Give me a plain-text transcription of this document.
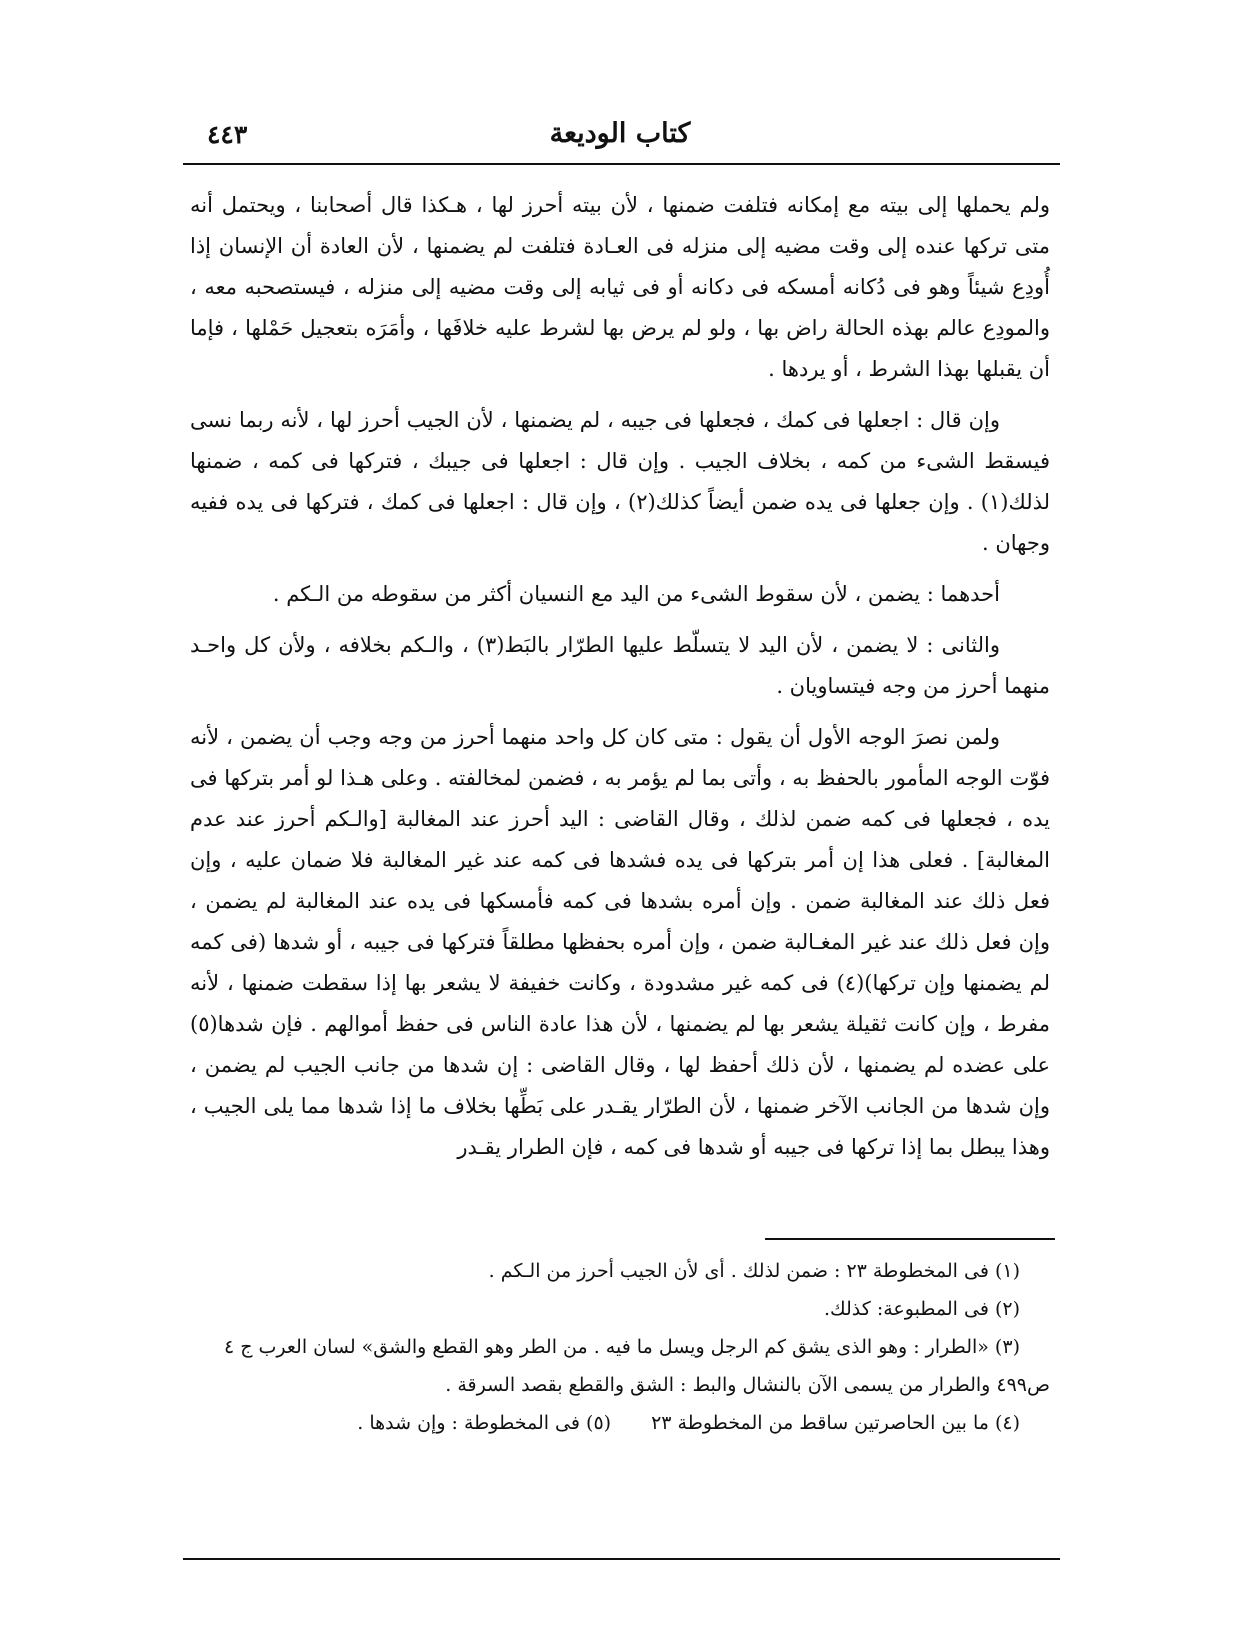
كتاب الوديعة
٤٤٣

ولم يحملها إلى بيته مع إمكانه فتلفت ضمنها ، لأن بيته أحرز لها ، هـكذا قال أصحابنا ، ويحتمل أنه متى تركها عنده إلى وقت مضيه إلى منزله فى العـادة فتلفت لم يضمنها ، لأن العادة أن الإنسان إذا أُودِع شيئاً وهو فى دُكانه أمسكه فى دكانه أو فى ثيابه إلى وقت مضيه إلى منزله ، فيستصحبه معه ، والمودِع عالم بهذه الحالة راض بها ، ولو لم يرض بها لشرط عليه خلافَها ، وأمَرَه بتعجيل حَمْلها ، فإما أن يقبلها بهذا الشرط ، أو يردها .

وإن قال : اجعلها فى كمك ، فجعلها فى جيبه ، لم يضمنها ، لأن الجيب أحرز لها ، لأنه ربما نسى فيسقط الشىء من كمه ، بخلاف الجيب . وإن قال : اجعلها فى جيبك ، فتركها فى كمه ، ضمنها لذلك(١) . وإن جعلها فى يده ضمن أيضاً كذلك(٢) ، وإن قال : اجعلها فى كمك ، فتركها فى يده ففيه وجهان .

أحدهما : يضمن ، لأن سقوط الشىء من اليد مع النسيان أكثر من سقوطه من الـكم .

والثانى : لا يضمن ، لأن اليد لا يتسلّط عليها الطرّار بالبَط(٣) ، والـكم بخلافه ، ولأن كل واحـد منهما أحرز من وجه فيتساويان .

ولمن نصرَ الوجه الأول أن يقول : متى كان كل واحد منهما أحرز من وجه وجب أن يضمن ، لأنه فوّت الوجه المأمور بالحفظ به ، وأتى بما لم يؤمر به ، فضمن لمخالفته . وعلى هـذا لو أمر بتركها فى يده ، فجعلها فى كمه ضمن لذلك ، وقال القاضى : اليد أحرز عند المغالبة [والـكم أحرز عند عدم المغالبة] . فعلى هذا إن أمر بتركها فى يده فشدها فى كمه عند غير المغالبة فلا ضمان عليه ، وإن فعل ذلك عند المغالبة ضمن . وإن أمره بشدها فى كمه فأمسكها فى يده عند المغالبة لم يضمن ، وإن فعل ذلك عند غير المغـالبة ضمن ، وإن أمره بحفظها مطلقاً فتركها فى جيبه ، أو شدها (فى كمه لم يضمنها وإن تركها)(٤) فى كمه غير مشدودة ، وكانت خفيفة لا يشعر بها إذا سقطت ضمنها ، لأنه مفرط ، وإن كانت ثقيلة يشعر بها لم يضمنها ، لأن هذا عادة الناس فى حفظ أموالهم . فإن شدها(٥) على عضده لم يضمنها ، لأن ذلك أحفظ لها ، وقال القاضى : إن شدها من جانب الجيب لم يضمن ، وإن شدها من الجانب الآخر ضمنها ، لأن الطرّار يقـدر على بَطِّها بخلاف ما إذا شدها مما يلى الجيب ، وهذا يبطل بما إذا تركها فى جيبه أو شدها فى كمه ، فإن الطرار يقـدر

(١) فى المخطوطة ٢٣ : ضمن لذلك . أى لأن الجيب أحرز من الـكم .

(٢) فى المطبوعة: كذلك.

(٣) «الطرار : وهو الذى يشق كم الرجل ويسل ما فيه . من الطر وهو القطع والشق» لسان العرب ج ٤

ص٤٩٩ والطرار من يسمى الآن بالنشال والبط : الشق والقطع بقصد السرقة .

(٤) ما بين الحاصرتين ساقط من المخطوطة ٢٣(٥) فى المخطوطة : وإن شدها .
